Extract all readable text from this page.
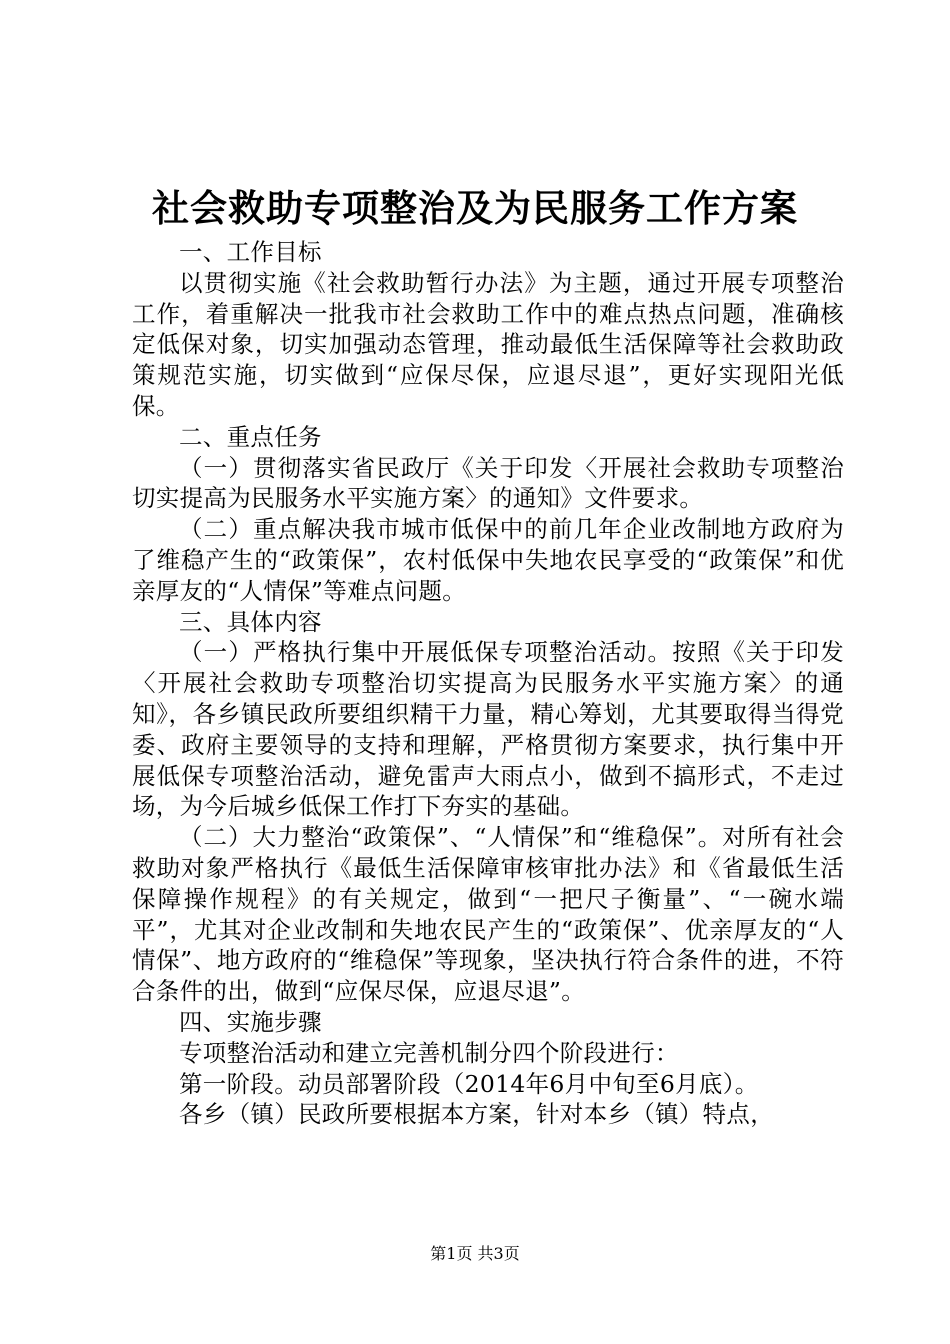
社会救助专项整治及为民服务工作方案

一、工作目标

以贯彻实施《社会救助暂行办法》为主题，通过开展专项整治工作，着重解决一批我市社会救助工作中的难点热点问题，准确核定低保对象，切实加强动态管理，推动最低生活保障等社会救助政策规范实施，切实做到“应保尽保，应退尽退”，更好实现阳光低保。

二、重点任务

（一）贯彻落实省民政厅《关于印发〈开展社会救助专项整治切实提高为民服务水平实施方案〉的通知》文件要求。

（二）重点解决我市城市低保中的前几年企业改制地方政府为了维稳产生的“政策保”，农村低保中失地农民享受的“政策保”和优亲厚友的“人情保”等难点问题。

三、具体内容

（一）严格执行集中开展低保专项整治活动。按照《关于印发〈开展社会救助专项整治切实提高为民服务水平实施方案〉的通知》，各乡镇民政所要组织精干力量，精心筹划，尤其要取得当得党委、政府主要领导的支持和理解，严格贯彻方案要求，执行集中开展低保专项整治活动，避免雷声大雨点小，做到不搞形式，不走过场，为今后城乡低保工作打下夯实的基础。

（二）大力整治“政策保”、“人情保”和“维稳保”。对所有社会救助对象严格执行《最低生活保障审核审批办法》和《省最低生活保障操作规程》的有关规定，做到“一把尺子衡量”、“一碗水端平”，尤其对企业改制和失地农民产生的“政策保”、优亲厚友的“人情保”、地方政府的“维稳保”等现象，坚决执行符合条件的进，不符合条件的出，做到“应保尽保，应退尽退”。

四、实施步骤

专项整治活动和建立完善机制分四个阶段进行：

第一阶段。动员部署阶段（2014年6月中旬至6月底）。

各乡（镇）民政所要根据本方案，针对本乡（镇）特点，

第1页 共3页
